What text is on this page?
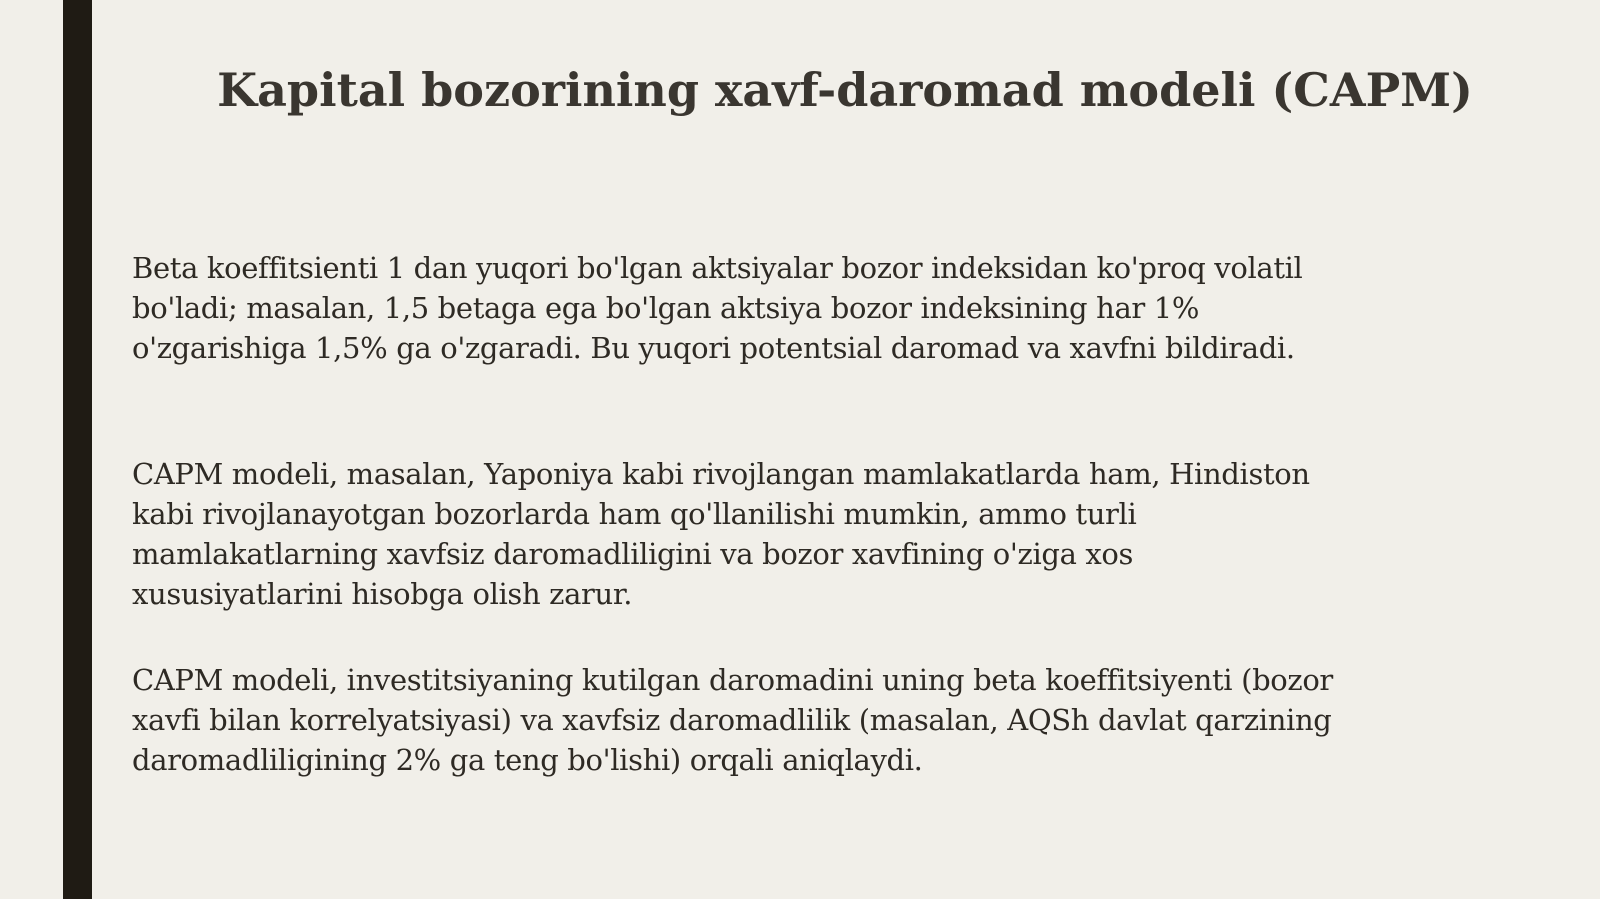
Kapital bozorining xavf-daromad modeli (CAPM)

Beta koeffitsienti 1 dan yuqori bo'lgan aktsiyalar bozor indeksidan ko'proq volatil
bo'ladi; masalan, 1,5 betaga ega bo'lgan aktsiya bozor indeksining har 1%
o'zgarishiga 1,5% ga o'zgaradi. Bu yuqori potentsial daromad va xavfni bildiradi.

CAPM modeli, masalan, Yaponiya kabi rivojlangan mamlakatlarda ham, Hindiston
kabi rivojlanayotgan bozorlarda ham qo'llanilishi mumkin, ammo turli
mamlakatlarning xavfsiz daromadliligini va bozor xavfining o'ziga xos
xususiyatlarini hisobga olish zarur.

CAPM modeli, investitsiyaning kutilgan daromadini uning beta koeffitsiyenti (bozor
xavfi bilan korrelyatsiyasi) va xavfsiz daromadlilik (masalan, AQSh davlat qarzining
daromadliligining 2% ga teng bo'lishi) orqali aniqlaydi.
